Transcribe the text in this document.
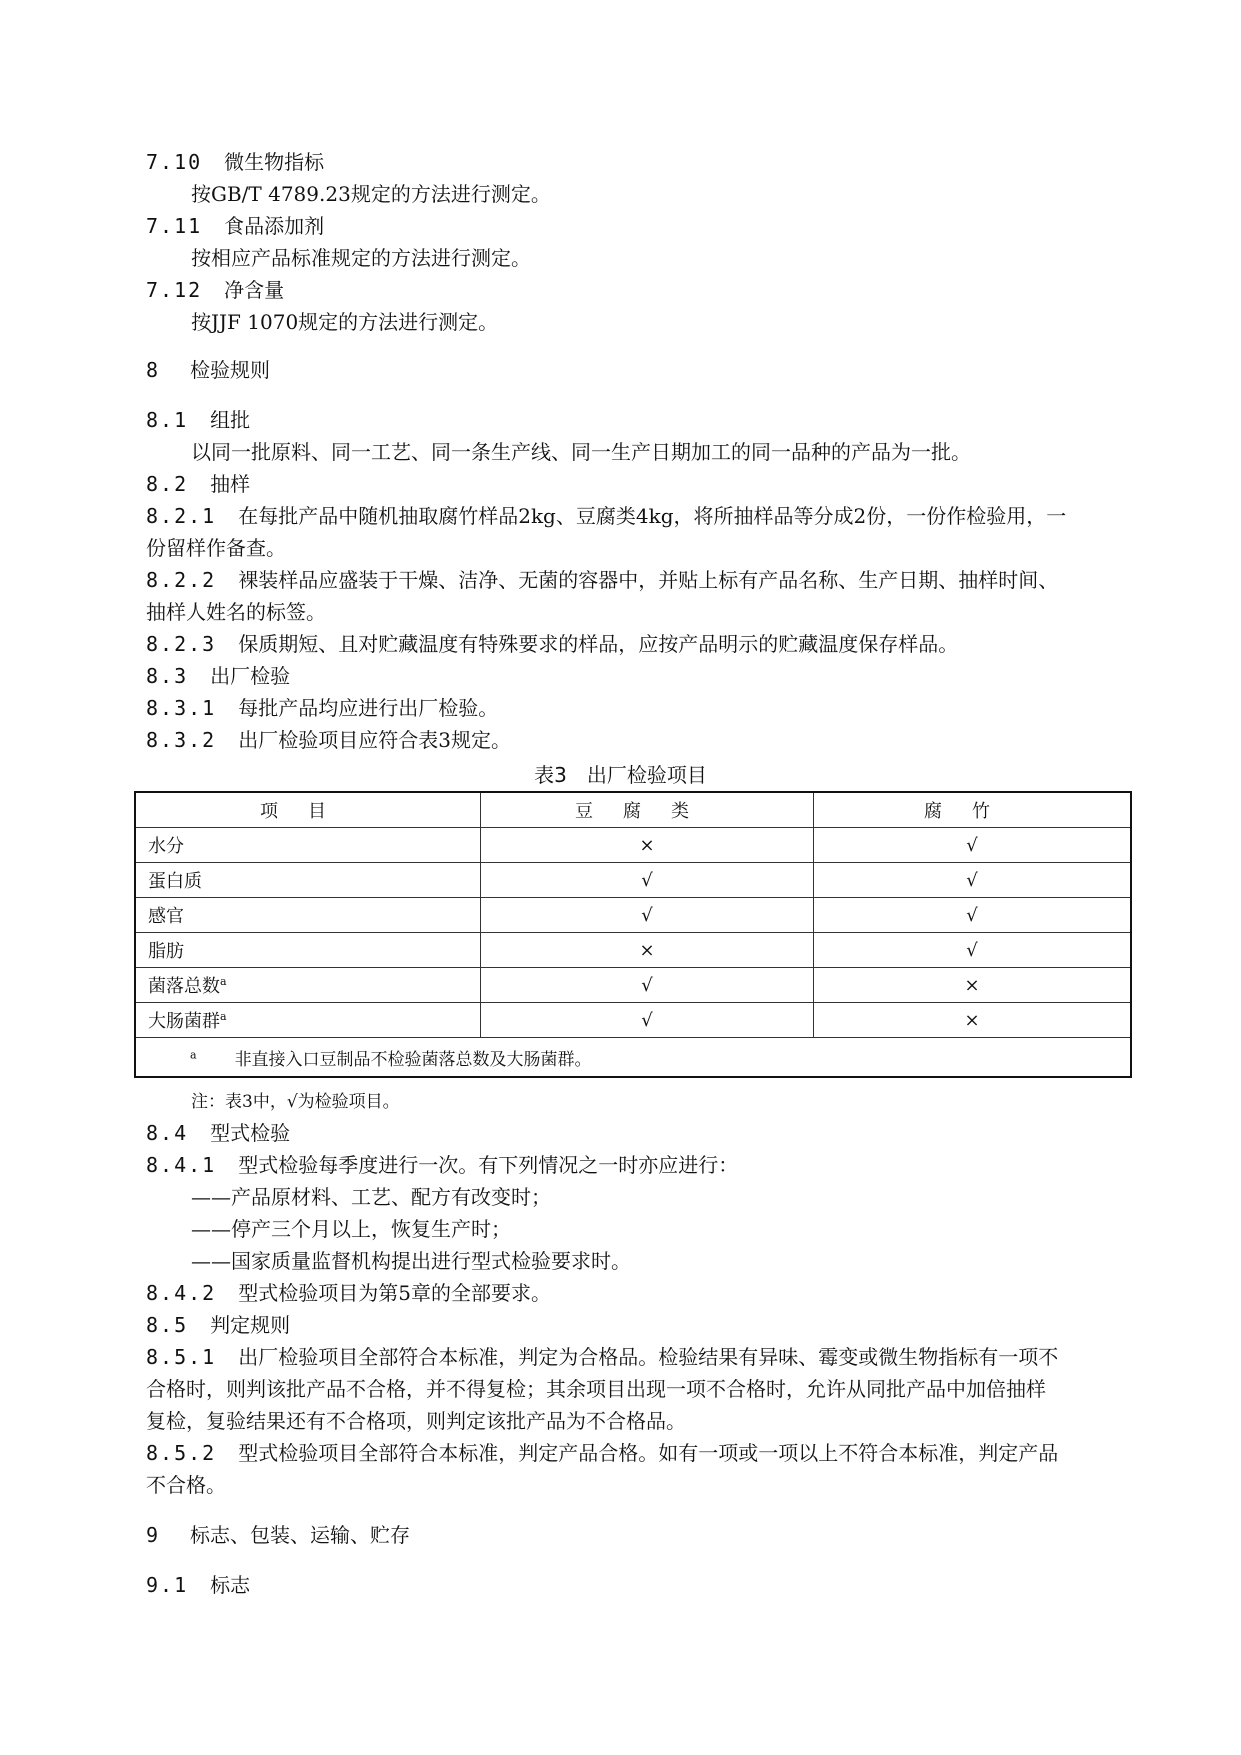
7.10 微生物指标
按GB/T 4789.23规定的方法进行测定。
7.11 食品添加剂
按相应产品标准规定的方法进行测定。
7.12 净含量
按JJF 1070规定的方法进行测定。
8 检验规则
8.1 组批
以同一批原料、同一工艺、同一条生产线、同一生产日期加工的同一品种的产品为一批。
8.2 抽样
8.2.1 在每批产品中随机抽取腐竹样品2kg、豆腐类4kg，将所抽样品等分成2份，一份作检验用，一
份留样作备查。
8.2.2 裸装样品应盛装于干燥、洁净、无菌的容器中，并贴上标有产品名称、生产日期、抽样时间、
抽样人姓名的标签。
8.2.3 保质期短、且对贮藏温度有特殊要求的样品，应按产品明示的贮藏温度保存样品。
8.3 出厂检验
8.3.1 每批产品均应进行出厂检验。
8.3.2 出厂检验项目应符合表3规定。
表3　出厂检验项目
项目	豆腐类	腐竹
水分	×	√
蛋白质	√	√
感官	√	√
脂肪	×	√
菌落总数$^a$	√	×
大肠菌群$^a$	√	×
$^a$ 非直接入口豆制品不检验菌落总数及大肠菌群。		
注：表3中，√为检验项目。
8.4 型式检验
8.4.1 型式检验每季度进行一次。有下列情况之一时亦应进行：
——产品原材料、工艺、配方有改变时；
——停产三个月以上，恢复生产时；
——国家质量监督机构提出进行型式检验要求时。
8.4.2 型式检验项目为第5章的全部要求。
8.5 判定规则
8.5.1 出厂检验项目全部符合本标准，判定为合格品。检验结果有异味、霉变或微生物指标有一项不
合格时，则判该批产品不合格，并不得复检；其余项目出现一项不合格时，允许从同批产品中加倍抽样
复检，复验结果还有不合格项，则判定该批产品为不合格品。
8.5.2 型式检验项目全部符合本标准，判定产品合格。如有一项或一项以上不符合本标准，判定产品
不合格。
9 标志、包装、运输、贮存
9.1 标志
